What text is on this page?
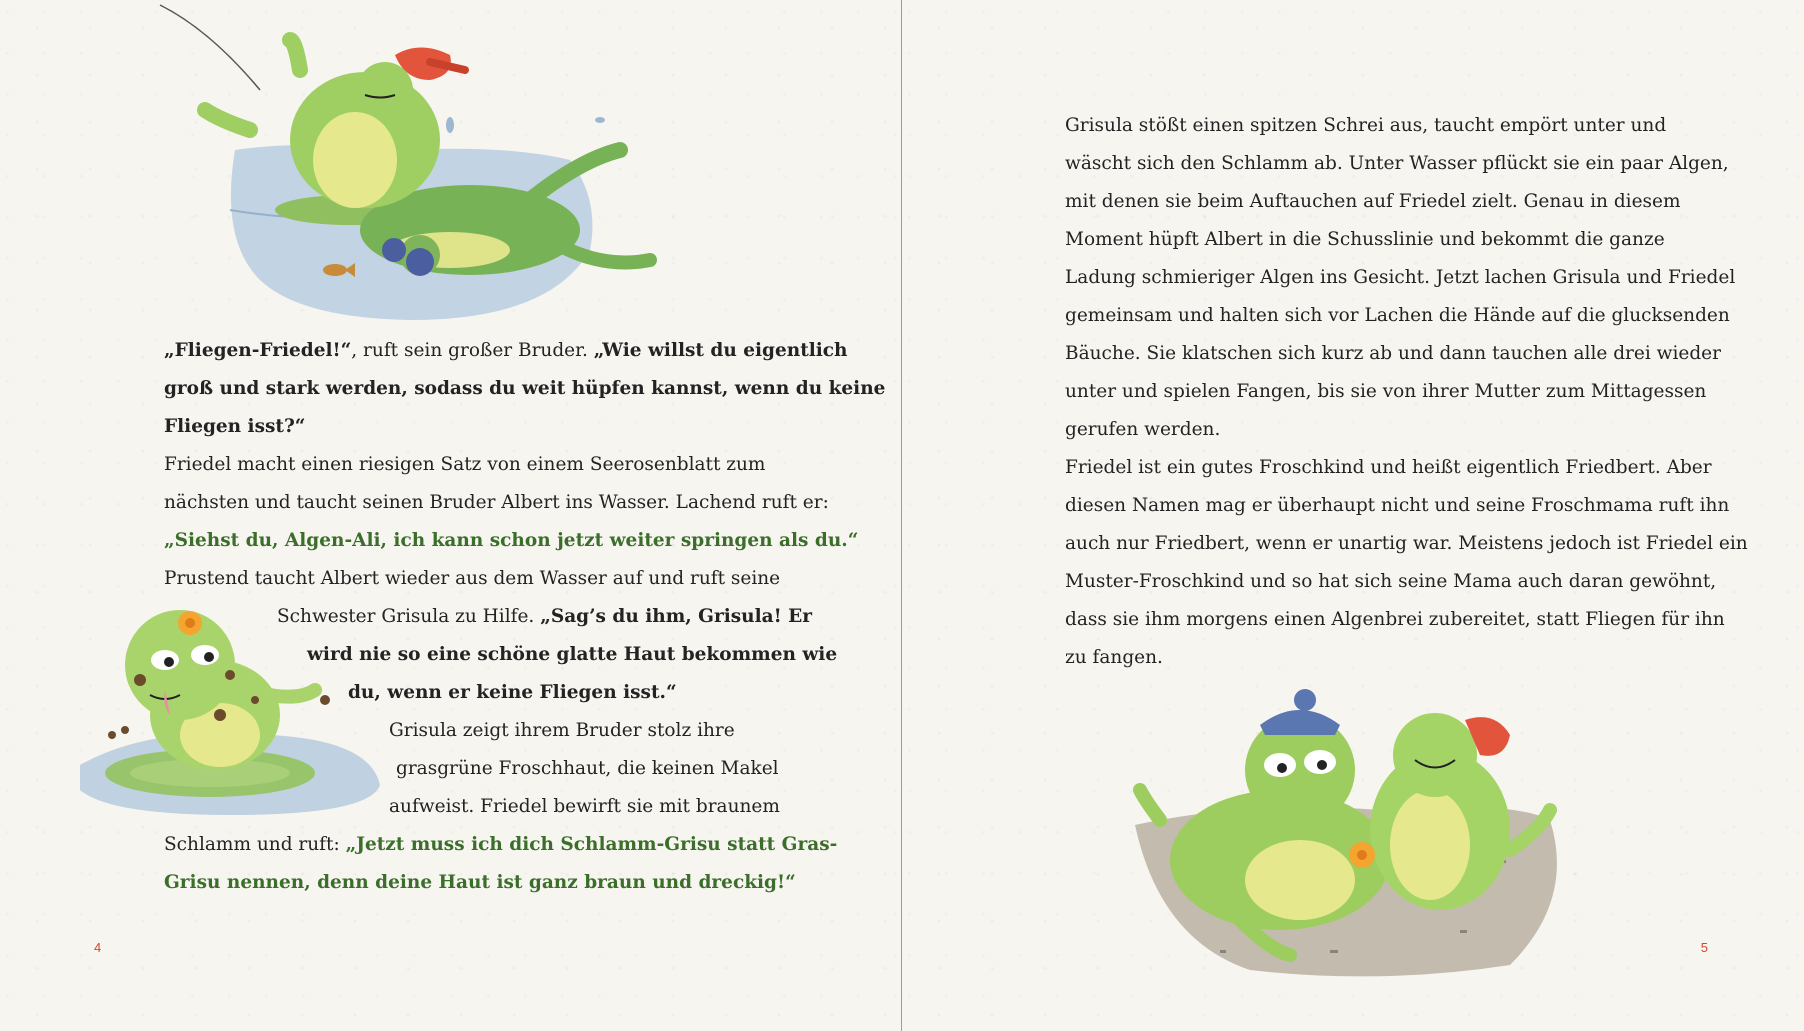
„Fliegen-Friedel!“, ruft sein großer Bruder. „Wie willst du eigentlich
groß und stark werden, sodass du weit hüpfen kannst, wenn du keine
Fliegen isst?“
Friedel macht einen riesigen Satz von einem Seerosenblatt zum
nächsten und taucht seinen Bruder Albert ins Wasser. Lachend ruft er:
„Siehst du, Algen-Ali, ich kann schon jetzt weiter springen als du.“
Prustend taucht Albert wieder aus dem Wasser auf und ruft seine
Schwester Grisula zu Hilfe. „Sag’s du ihm, Grisula! Er
wird nie so eine schöne glatte Haut bekommen wie
du, wenn er keine Fliegen isst.“
Grisula zeigt ihrem Bruder stolz ihre
grasgrüne Froschhaut, die keinen Makel
aufweist. Friedel bewirft sie mit braunem
Schlamm und ruft: „Jetzt muss ich dich Schlamm-Grisu statt Gras-
Grisu nennen, denn deine Haut ist ganz braun und dreckig!“
4
Grisula stößt einen spitzen Schrei aus, taucht empört unter und
wäscht sich den Schlamm ab. Unter Wasser pflückt sie ein paar Algen,
mit denen sie beim Auftauchen auf Friedel zielt. Genau in diesem
Moment hüpft Albert in die Schusslinie und bekommt die ganze
Ladung schmieriger Algen ins Gesicht. Jetzt lachen Grisula und Friedel
gemeinsam und halten sich vor Lachen die Hände auf die glucksenden
Bäuche. Sie klatschen sich kurz ab und dann tauchen alle drei wieder
unter und spielen Fangen, bis sie von ihrer Mutter zum Mittagessen
gerufen werden.
Friedel ist ein gutes Froschkind und heißt eigentlich Friedbert. Aber
diesen Namen mag er überhaupt nicht und seine Froschmama ruft ihn
auch nur Friedbert, wenn er unartig war. Meistens jedoch ist Friedel ein
Muster-Froschkind und so hat sich seine Mama auch daran gewöhnt,
dass sie ihm morgens einen Algenbrei zubereitet, statt Fliegen für ihn
zu fangen.
5
